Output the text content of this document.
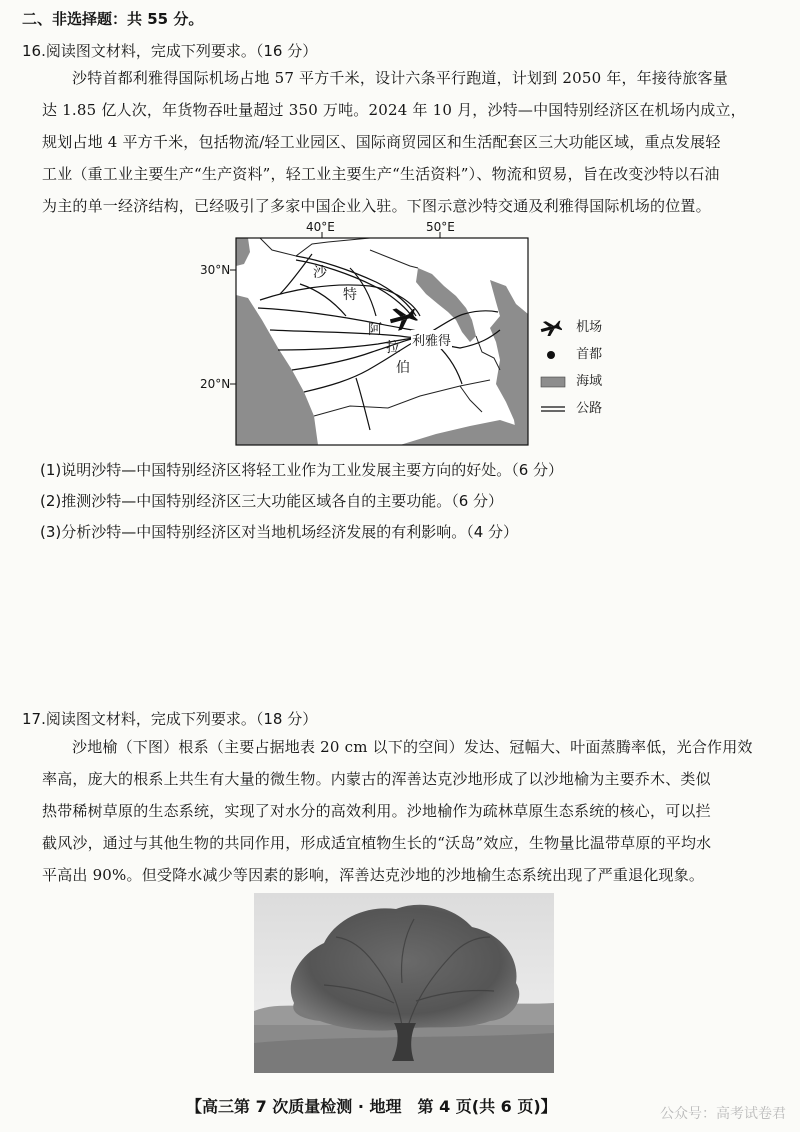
二、非选择题：共 55 分。
16.阅读图文材料，完成下列要求。（16 分）
沙特首都利雅得国际机场占地 57 平方千米，设计六条平行跑道，计划到 2050 年，年接待旅客量
达 1.85 亿人次，年货物吞吐量超过 350 万吨。2024 年 10 月，沙特—中国特别经济区在机场内成立，
规划占地 4 平方千米，包括物流/轻工业园区、国际商贸园区和生活配套区三大功能区域，重点发展轻
工业（重工业主要生产“生产资料”，轻工业主要生产“生活资料”）、物流和贸易，旨在改变沙特以石油
为主的单一经济结构，已经吸引了多家中国企业入驻。下图示意沙特交通及利雅得国际机场的位置。
40°E	50°E
30°N
20°N
沙
特
阿
拉
伯
利雅得
机场
首都
海域
公路
(1)说明沙特—中国特别经济区将轻工业作为工业发展主要方向的好处。（6 分）
(2)推测沙特—中国特别经济区三大功能区域各自的主要功能。（6 分）
(3)分析沙特—中国特别经济区对当地机场经济发展的有利影响。（4 分）
17.阅读图文材料，完成下列要求。（18 分）
沙地榆（下图）根系（主要占据地表 20 cm 以下的空间）发达、冠幅大、叶面蒸腾率低，光合作用效
率高，庞大的根系上共生有大量的微生物。内蒙古的浑善达克沙地形成了以沙地榆为主要乔木、类似
热带稀树草原的生态系统，实现了对水分的高效利用。沙地榆作为疏林草原生态系统的核心，可以拦
截风沙，通过与其他生物的共同作用，形成适宜植物生长的“沃岛”效应，生物量比温带草原的平均水
平高出 90%。但受降水减少等因素的影响，浑善达克沙地的沙地榆生态系统出现了严重退化现象。
【高三第 7 次质量检测 · 地理　第 4 页(共 6 页)】	公众号：高考试卷君
